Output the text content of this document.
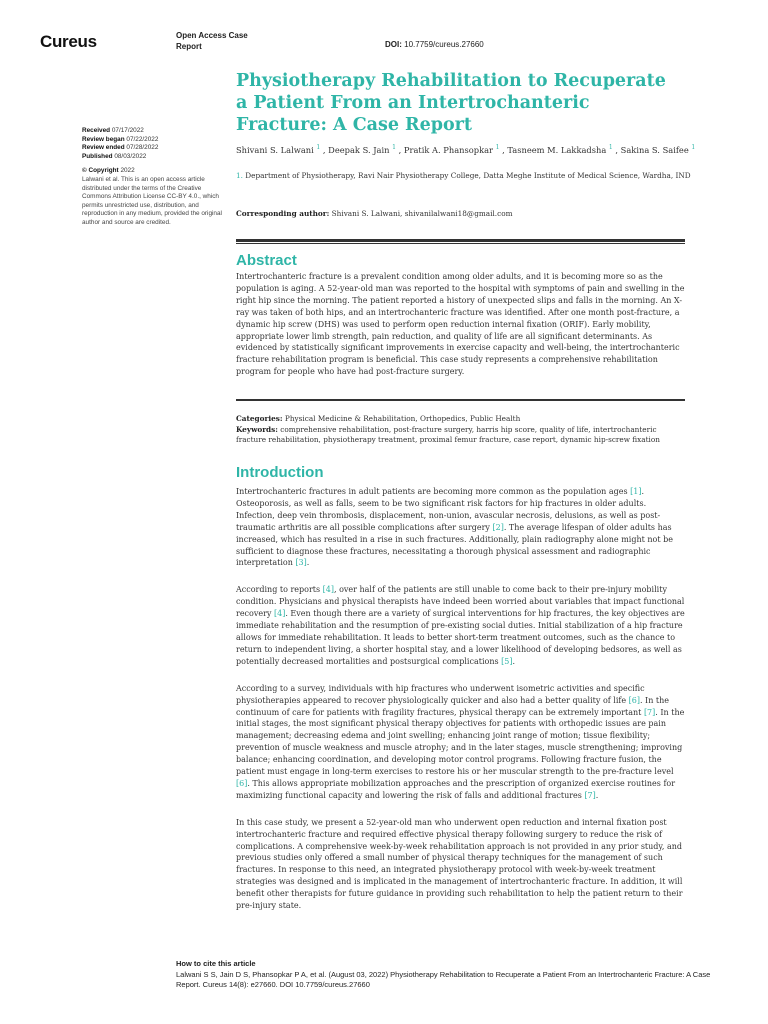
Cureus	Open Access Case
Report	DOI: 10.7759/cureus.27660
Physiotherapy Rehabilitation to Recuperate a Patient From an Intertrochanteric Fracture: A Case Report
Received 07/17/2022
Review began 07/22/2022
Review ended 07/28/2022
Published 08/03/2022
© Copyright 2022
Lalwani et al. This is an open access article distributed under the terms of the Creative Commons Attribution License CC-BY 4.0., which permits unrestricted use, distribution, and reproduction in any medium, provided the original author and source are credited.
Shivani S. Lalwani $^1$ , Deepak S. Jain $^1$ , Pratik A. Phansopkar $^1$ , Tasneem M. Lakkadsha $^1$ , Sakina S. Saifee $^1$
1. Department of Physiotherapy, Ravi Nair Physiotherapy College, Datta Meghe Institute of Medical Science, Wardha, IND
Corresponding author: Shivani S. Lalwani, shivanilalwani18@gmail.com
Abstract

Intertrochanteric fracture is a prevalent condition among older adults, and it is becoming more so as the population is aging. A 52-year-old man was reported to the hospital with symptoms of pain and swelling in the right hip since the morning. The patient reported a history of unexpected slips and falls in the morning. An X-ray was taken of both hips, and an intertrochanteric fracture was identified. After one month post-fracture, a dynamic hip screw (DHS) was used to perform open reduction internal fixation (ORIF). Early mobility, appropriate lower limb strength, pain reduction, and quality of life are all significant determinants. As evidenced by statistically significant improvements in exercise capacity and well-being, the intertrochanteric fracture rehabilitation program is beneficial. This case study represents a comprehensive rehabilitation program for people who have had post-fracture surgery.

Categories: Physical Medicine & Rehabilitation, Orthopedics, Public Health
Keywords: comprehensive rehabilitation, post-fracture surgery, harris hip score, quality of life, intertrochanteric fracture rehabilitation, physiotherapy treatment, proximal femur fracture, case report, dynamic hip-screw fixation
Introduction

Intertrochanteric fractures in adult patients are becoming more common as the population ages [1]. Osteoporosis, as well as falls, seem to be two significant risk factors for hip fractures in older adults. Infection, deep vein thrombosis, displacement, non-union, avascular necrosis, delusions, as well as post-traumatic arthritis are all possible complications after surgery [2]. The average lifespan of older adults has increased, which has resulted in a rise in such fractures. Additionally, plain radiography alone might not be sufficient to diagnose these fractures, necessitating a thorough physical assessment and radiographic interpretation [3].

According to reports [4], over half of the patients are still unable to come back to their pre-injury mobility condition. Physicians and physical therapists have indeed been worried about variables that impact functional recovery [4]. Even though there are a variety of surgical interventions for hip fractures, the key objectives are immediate rehabilitation and the resumption of pre-existing social duties. Initial stabilization of a hip fracture allows for immediate rehabilitation. It leads to better short-term treatment outcomes, such as the chance to return to independent living, a shorter hospital stay, and a lower likelihood of developing bedsores, as well as potentially decreased mortalities and postsurgical complications [5].

According to a survey, individuals with hip fractures who underwent isometric activities and specific physiotherapies appeared to recover physiologically quicker and also had a better quality of life [6]. In the continuum of care for patients with fragility fractures, physical therapy can be extremely important [7]. In the initial stages, the most significant physical therapy objectives for patients with orthopedic issues are pain management; decreasing edema and joint swelling; enhancing joint range of motion; tissue flexibility; prevention of muscle weakness and muscle atrophy; and in the later stages, muscle strengthening; improving balance; enhancing coordination, and developing motor control programs. Following fracture fusion, the patient must engage in long-term exercises to restore his or her muscular strength to the pre-fracture level [6]. This allows appropriate mobilization approaches and the prescription of organized exercise routines for maximizing functional capacity and lowering the risk of falls and additional fractures [7].

In this case study, we present a 52-year-old man who underwent open reduction and internal fixation post intertrochanteric fracture and required effective physical therapy following surgery to reduce the risk of complications. A comprehensive week-by-week rehabilitation approach is not provided in any prior study, and previous studies only offered a small number of physical therapy techniques for the management of such fractures. In response to this need, an integrated physiotherapy protocol with week-by-week treatment strategies was designed and is implicated in the management of intertrochanteric fracture. In addition, it will benefit other therapists for future guidance in providing such rehabilitation to help the patient return to their pre-injury state.

How to cite this article
Lalwani S S, Jain D S, Phansopkar P A, et al. (August 03, 2022) Physiotherapy Rehabilitation to Recuperate a Patient From an Intertrochanteric Fracture: A Case Report. Cureus 14(8): e27660. DOI 10.7759/cureus.27660
